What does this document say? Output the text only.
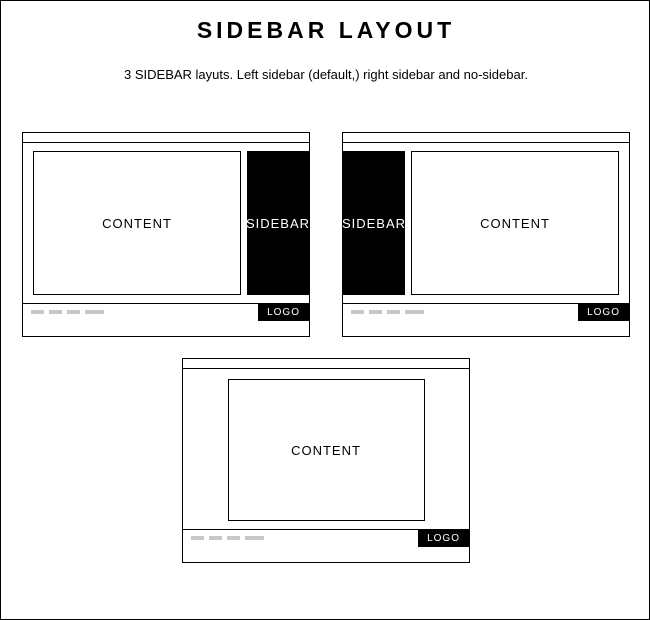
SIDEBAR LAYOUT
3 SIDEBAR layuts. Left sidebar (default,) right sidebar and no-sidebar.
CONTENT	SIDEBAR
LOGO
SIDEBAR	CONTENT
LOGO
CONTENT
LOGO
